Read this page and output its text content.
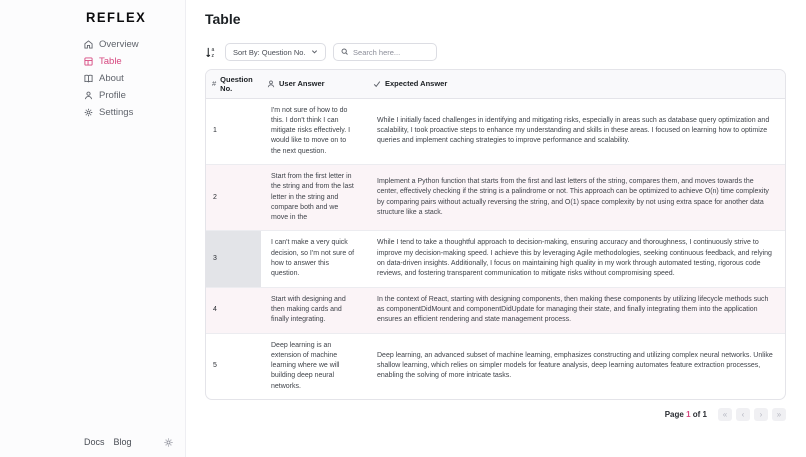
REFLEX
Overview
Table
About
Profile
Settings
Docs Blog
Table
a
z	Sort By: Question No.
Search here...
# Question No.	User Answer	Expected Answer

1	I'm not sure of how to do this. I don't think I can mitigate risks effectively. I would like to move on to the next question.	While I initially faced challenges in identifying and mitigating risks, especially in areas such as database query optimization and scalability, I took proactive steps to enhance my understanding and skills in these areas. I focused on learning how to optimize queries and implement caching strategies to improve performance and scalability.
2	Start from the first letter in the string and from the last letter in the string and compare both and we move in the	Implement a Python function that starts from the first and last letters of the string, compares them, and moves towards the center, effectively checking if the string is a palindrome or not. This approach can be optimized to achieve O(n) time complexity by comparing pairs without actually reversing the string, and O(1) space complexity by not using extra space for another data structure like a stack.
3	I can't make a very quick decision, so I'm not sure of how to answer this question.	While I tend to take a thoughtful approach to decision-making, ensuring accuracy and thoroughness, I continuously strive to improve my decision-making speed. I achieve this by leveraging Agile methodologies, seeking continuous feedback, and relying on data-driven insights. Additionally, I focus on maintaining high quality in my work through automated testing, rigorous code reviews, and fostering transparent communication to mitigate risks without compromising speed.
4	Start with designing and then making cards and finally integrating.	In the context of React, starting with designing components, then making these components by utilizing lifecycle methods such as componentDidMount and componentDidUpdate for managing their state, and finally integrating them into the application ensures an efficient rendering and state management process.
5	Deep learning is an extension of machine learning where we will building deep neural networks.	Deep learning, an advanced subset of machine learning, emphasizes constructing and utilizing complex neural networks. Unlike shallow learning, which relies on simpler models for feature analysis, deep learning automates feature extraction processes, enabling the solving of more intricate tasks.
Page 1 of 1	«	‹	›	»
